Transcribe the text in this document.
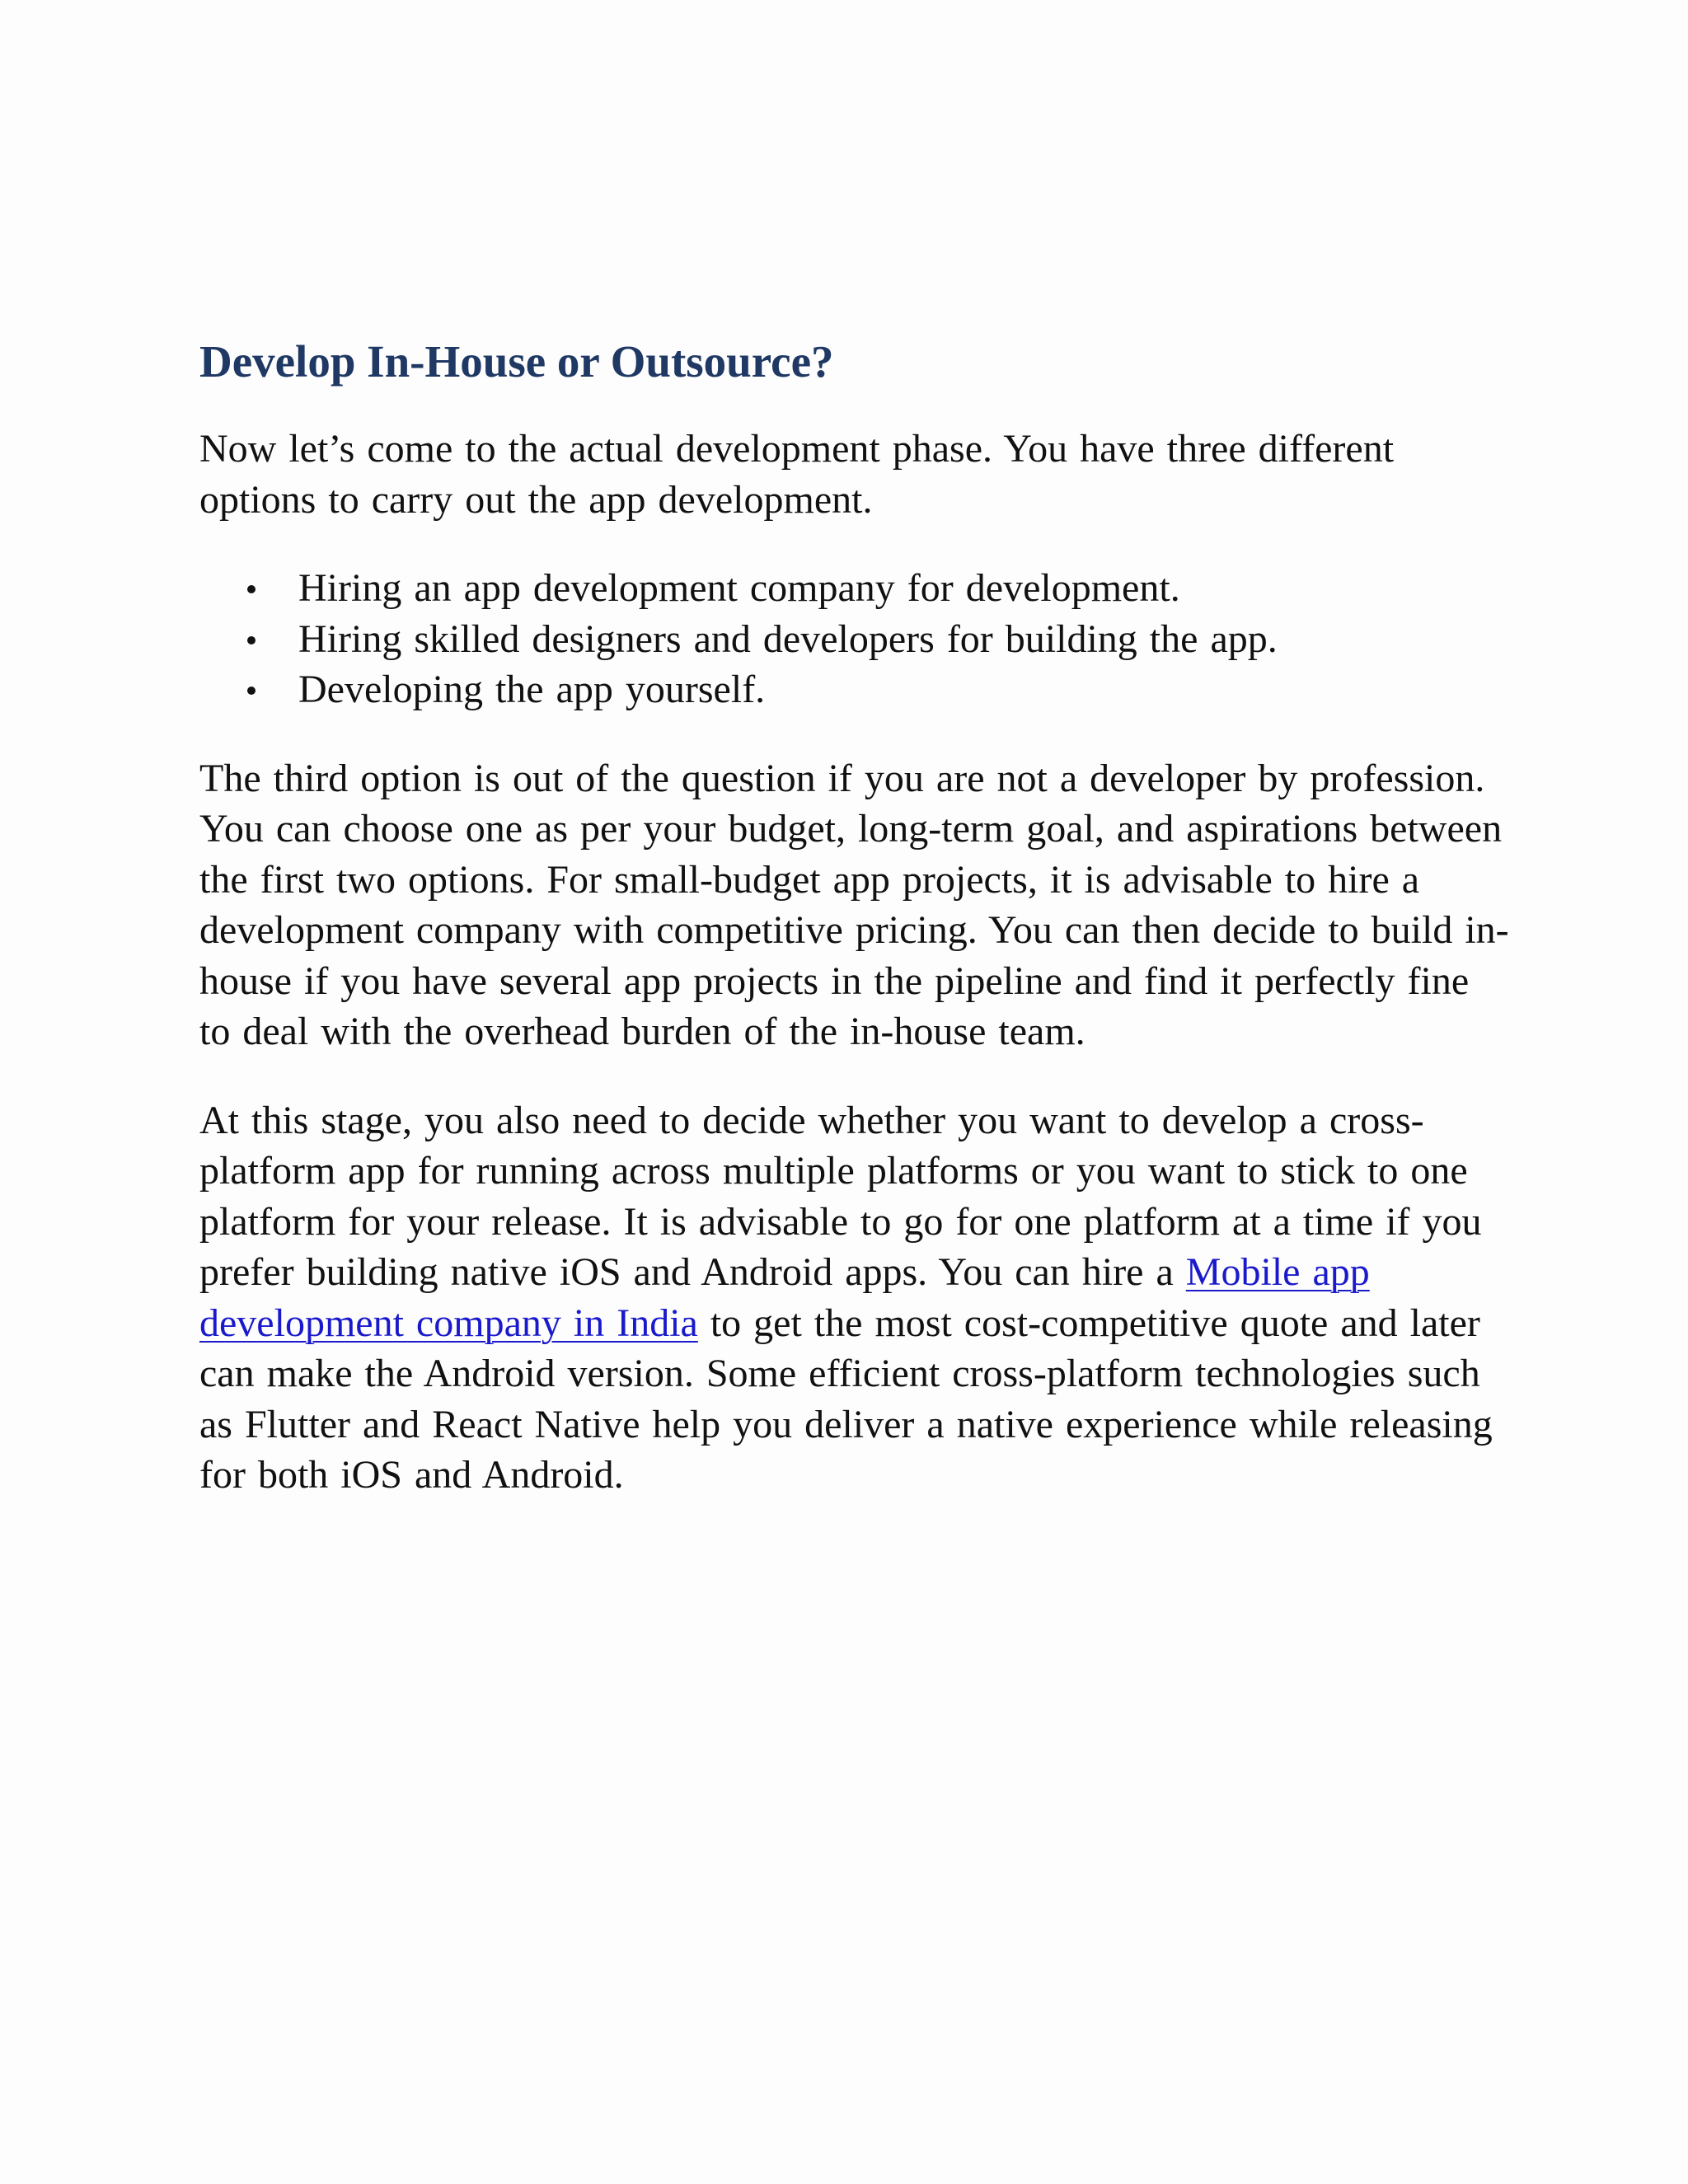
Develop In-House or Outsource?

Now let’s come to the actual development phase. You have three different options to carry out the app development.

Hiring an app development company for development.
Hiring skilled designers and developers for building the app.
Developing the app yourself.

The third option is out of the question if you are not a developer by profession. You can choose one as per your budget, long-term goal, and aspirations between the first two options. For small-budget app projects, it is advisable to hire a development company with competitive pricing. You can then decide to build in-house if you have several app projects in the pipeline and find it perfectly fine to deal with the overhead burden of the in-house team.

At this stage, you also need to decide whether you want to develop a cross-platform app for running across multiple platforms or you want to stick to one platform for your release. It is advisable to go for one platform at a time if you prefer building native iOS and Android apps. You can hire a Mobile app development company in India to get the most cost-competitive quote and later can make the Android version. Some efficient cross-platform technologies such as Flutter and React Native help you deliver a native experience while releasing for both iOS and Android.
